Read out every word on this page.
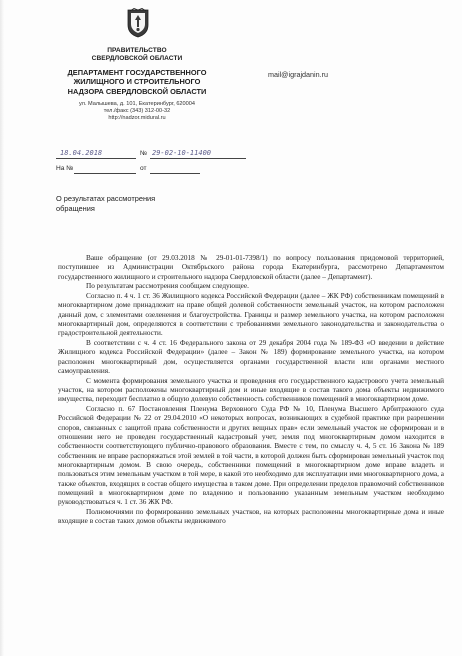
ПРАВИТЕЛЬСТВО
СВЕРДЛОВСКОЙ ОБЛАСТИ
ДЕПАРТАМЕНТ ГОСУДАРСТВЕННОГО
ЖИЛИЩНОГО И СТРОИТЕЛЬНОГО
НАДЗОРА СВЕРДЛОВСКОЙ ОБЛАСТИ
ул. Малышева, д. 101, Екатеринбург, 620004
тел./факс (343) 312-00-32
http://nadzor.midural.ru
mail@igrajdanin.ru
18.04.2018	№ 29-02-10-11400
На №	от
О результатах рассмотрения
обращения

Ваше обращение (от 29.03.2018 № 29-01-01-7398/1) по вопросу пользования придомовой территорией, поступившее из Администрации Октябрьского района города Екатеринбурга, рассмотрено Департаментом государственного жилищного и строительного надзора Свердловской области (далее – Департамент).

По результатам рассмотрения сообщаем следующее.

Согласно п. 4 ч. 1 ст. 36 Жилищного кодекса Российской Федерации (далее – ЖК РФ) собственникам помещений в многоквартирном доме принадлежит на праве общей долевой собственности земельный участок, на котором расположен данный дом, с элементами озеленения и благоустройства. Границы и размер земельного участка, на котором расположен многоквартирный дом, определяются в соответствии с требованиями земельного законодательства и законодательства о градостроительной деятельности.

В соответствии с ч. 4 ст. 16 Федерального закона от 29 декабря 2004 года № 189-ФЗ «О введении в действие Жилищного кодекса Российской Федерации» (далее – Закон № 189) формирование земельного участка, на котором расположен многоквартирный дом, осуществляется органами государственной власти или органами местного самоуправления.

С момента формирования земельного участка и проведения его государственного кадастрового учета земельный участок, на котором расположены многоквартирный дом и иные входящие в состав такого дома объекты недвижимого имущества, переходит бесплатно в общую долевую собственность собственников помещений в многоквартирном доме.

Согласно п. 67 Постановления Пленума Верховного Суда РФ № 10, Пленума Высшего Арбитражного суда Российской Федерации № 22 от 29.04.2010 «О некоторых вопросах, возникающих в судебной практике при разрешении споров, связанных с защитой права собственности и других вещных прав» если земельный участок не сформирован и в отношении него не проведен государственный кадастровый учет, земля под многоквартирным домом находится в собственности соответствующего публично-правового образования. Вместе с тем, по смыслу ч. 4, 5 ст. 16 Закона № 189 собственник не вправе распоряжаться этой землей в той части, в которой должен быть сформирован земельный участок под многоквартирным домом. В свою очередь, собственники помещений в многоквартирном доме вправе владеть и пользоваться этим земельным участком в той мере, в какой это необходимо для эксплуатации ими многоквартирного дома, а также объектов, входящих в состав общего имущества в таком доме. При определении пределов правомочий собственников помещений в многоквартирном доме по владению и пользованию указанным земельным участком необходимо руководствоваться ч. 1 ст. 36 ЖК РФ.

Полномочиями по формированию земельных участков, на которых расположены многоквартирные дома и иные входящие в состав таких домов объекты недвижимого
